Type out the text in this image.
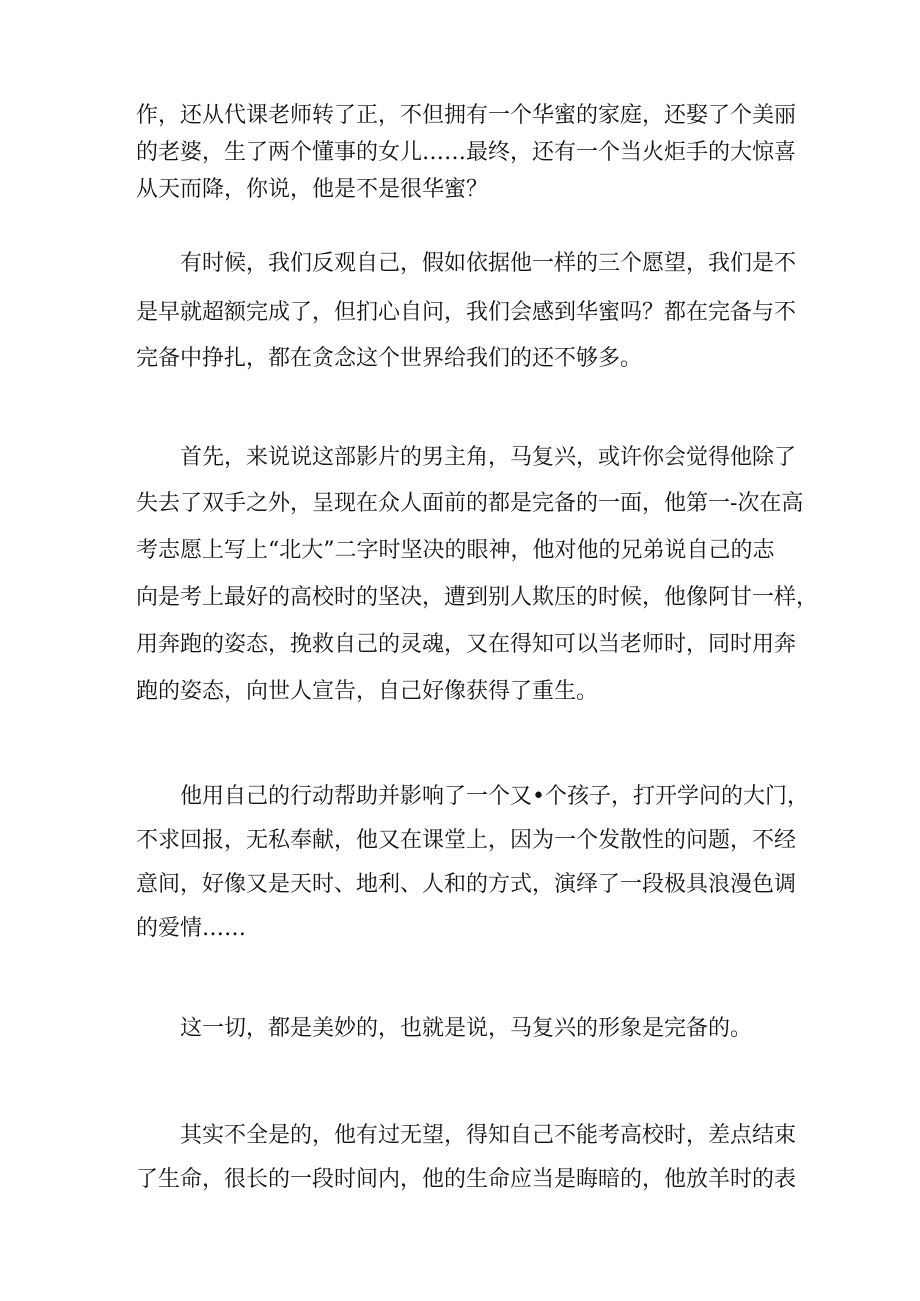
作，还从代课老师转了正，不但拥有一个华蜜的家庭，还娶了个美丽
的老婆，生了两个懂事的女儿……最终，还有一个当火炬手的大惊喜
从天而降，你说，他是不是很华蜜？

有时候，我们反观自己，假如依据他一样的三个愿望，我们是不
是早就超额完成了，但扪心自问，我们会感到华蜜吗？都在完备与不
完备中挣扎，都在贪念这个世界给我们的还不够多。

首先，来说说这部影片的男主角，马复兴，或许你会觉得他除了
失去了双手之外，呈现在众人面前的都是完备的一面，他第一-次在高
考志愿上写上“北大”二字时坚决的眼神，他对他的兄弟说自己的志
向是考上最好的高校时的坚决，遭到别人欺压的时候，他像阿甘一样，
用奔跑的姿态，挽救自己的灵魂，又在得知可以当老师时，同时用奔
跑的姿态，向世人宣告，自己好像获得了重生。

他用自己的行动帮助并影响了一个又•个孩子，打开学问的大门，
不求回报，无私奉献，他又在课堂上，因为一个发散性的问题，不经
意间，好像又是天时、地利、人和的方式，演绎了一段极具浪漫色调
的爱情……

这一切，都是美妙的，也就是说，马复兴的形象是完备的。

其实不全是的，他有过无望，得知自己不能考高校时，差点结束
了生命，很长的一段时间内，他的生命应当是晦暗的，他放羊时的表
